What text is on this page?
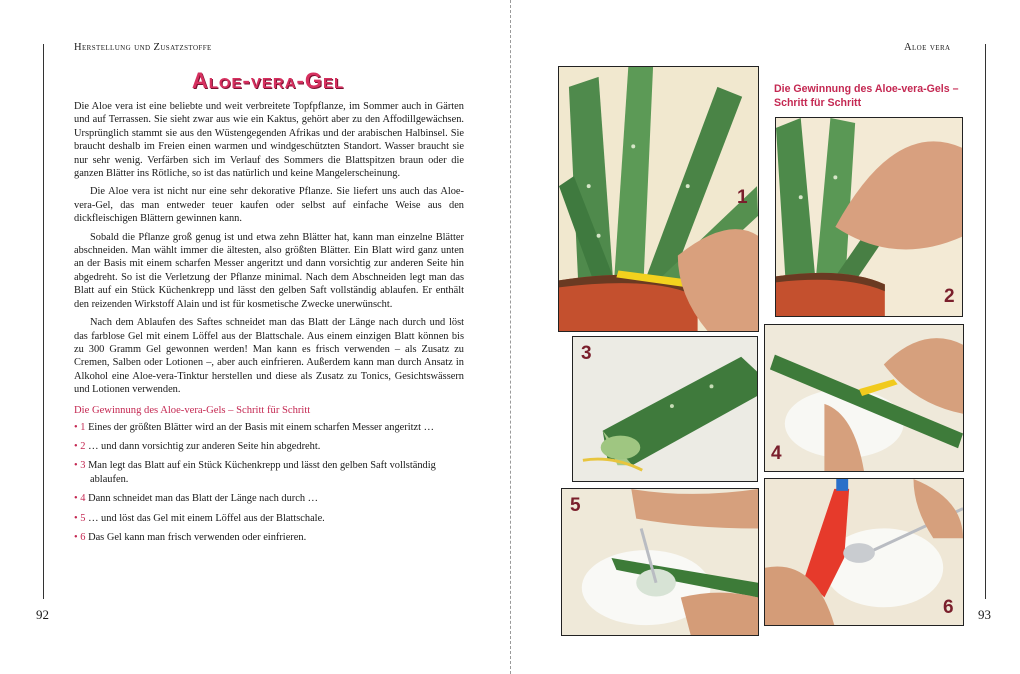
Herstellung und Zusatzstoffe
92
Aloe-vera-Gel

Die Aloe vera ist eine beliebte und weit verbreitete Topfpflanze, im Sommer auch in Gärten und auf Terrassen. Sie sieht zwar aus wie ein Kaktus, gehört aber zu den Affodillgewächsen. Ursprünglich stammt sie aus den Wüstengegenden Afrikas und der arabischen Halbinsel. Sie braucht deshalb im Freien einen warmen und windgeschützten Standort. Wasser braucht sie nur sehr wenig. Verfärben sich im Verlauf des Sommers die Blattspitzen braun oder die ganzen Blätter ins Rötliche, so ist das natürlich und keine Mangelerscheinung.

Die Aloe vera ist nicht nur eine sehr dekorative Pflanze. Sie liefert uns auch das Aloe-vera-Gel, das man entweder teuer kaufen oder selbst auf einfache Weise aus den dickfleischigen Blättern gewinnen kann.

Sobald die Pflanze groß genug ist und etwa zehn Blätter hat, kann man einzelne Blätter abschneiden. Man wählt immer die ältesten, also größten Blätter. Ein Blatt wird ganz unten an der Basis mit einem scharfen Messer angeritzt und dann vorsichtig zur anderen Seite hin abgedreht. So ist die Verletzung der Pflanze minimal. Nach dem Abschneiden legt man das Blatt auf ein Stück Küchenkrepp und lässt den gelben Saft vollständig ablaufen. Er enthält den reizenden Wirkstoff Alain und ist für kosmetische Zwecke unerwünscht.

Nach dem Ablaufen des Saftes schneidet man das Blatt der Länge nach durch und löst das farblose Gel mit einem Löffel aus der Blattschale. Aus einem einzigen Blatt können bis zu 300 Gramm Gel gewonnen werden! Man kann es frisch verwenden – als Zusatz zu Cremen, Salben oder Lotionen –, aber auch einfrieren. Außerdem kann man durch Ansatz in Alkohol eine Aloe-vera-Tinktur herstellen und diese als Zusatz zu Tonics, Gesichtswässern und Lotionen verwenden.

Die Gewinnung des Aloe-vera-Gels – Schritt für Schritt
• 1 Eines der größten Blätter wird an der Basis mit einem scharfen Messer angeritzt …
• 2 … und dann vorsichtig zur anderen Seite hin abgedreht.
• 3 Man legt das Blatt auf ein Stück Küchenkrepp und lässt den gelben Saft vollständig ablaufen.
• 4 Dann schneidet man das Blatt der Länge nach durch …
• 5 … und löst das Gel mit einem Löffel aus der Blattschale.
• 6 Das Gel kann man frisch verwenden oder einfrieren.
Aloe vera
93
Die Gewinnung des Aloe-vera-Gels –
Schritt für Schritt
1
2
3
4
5
6
